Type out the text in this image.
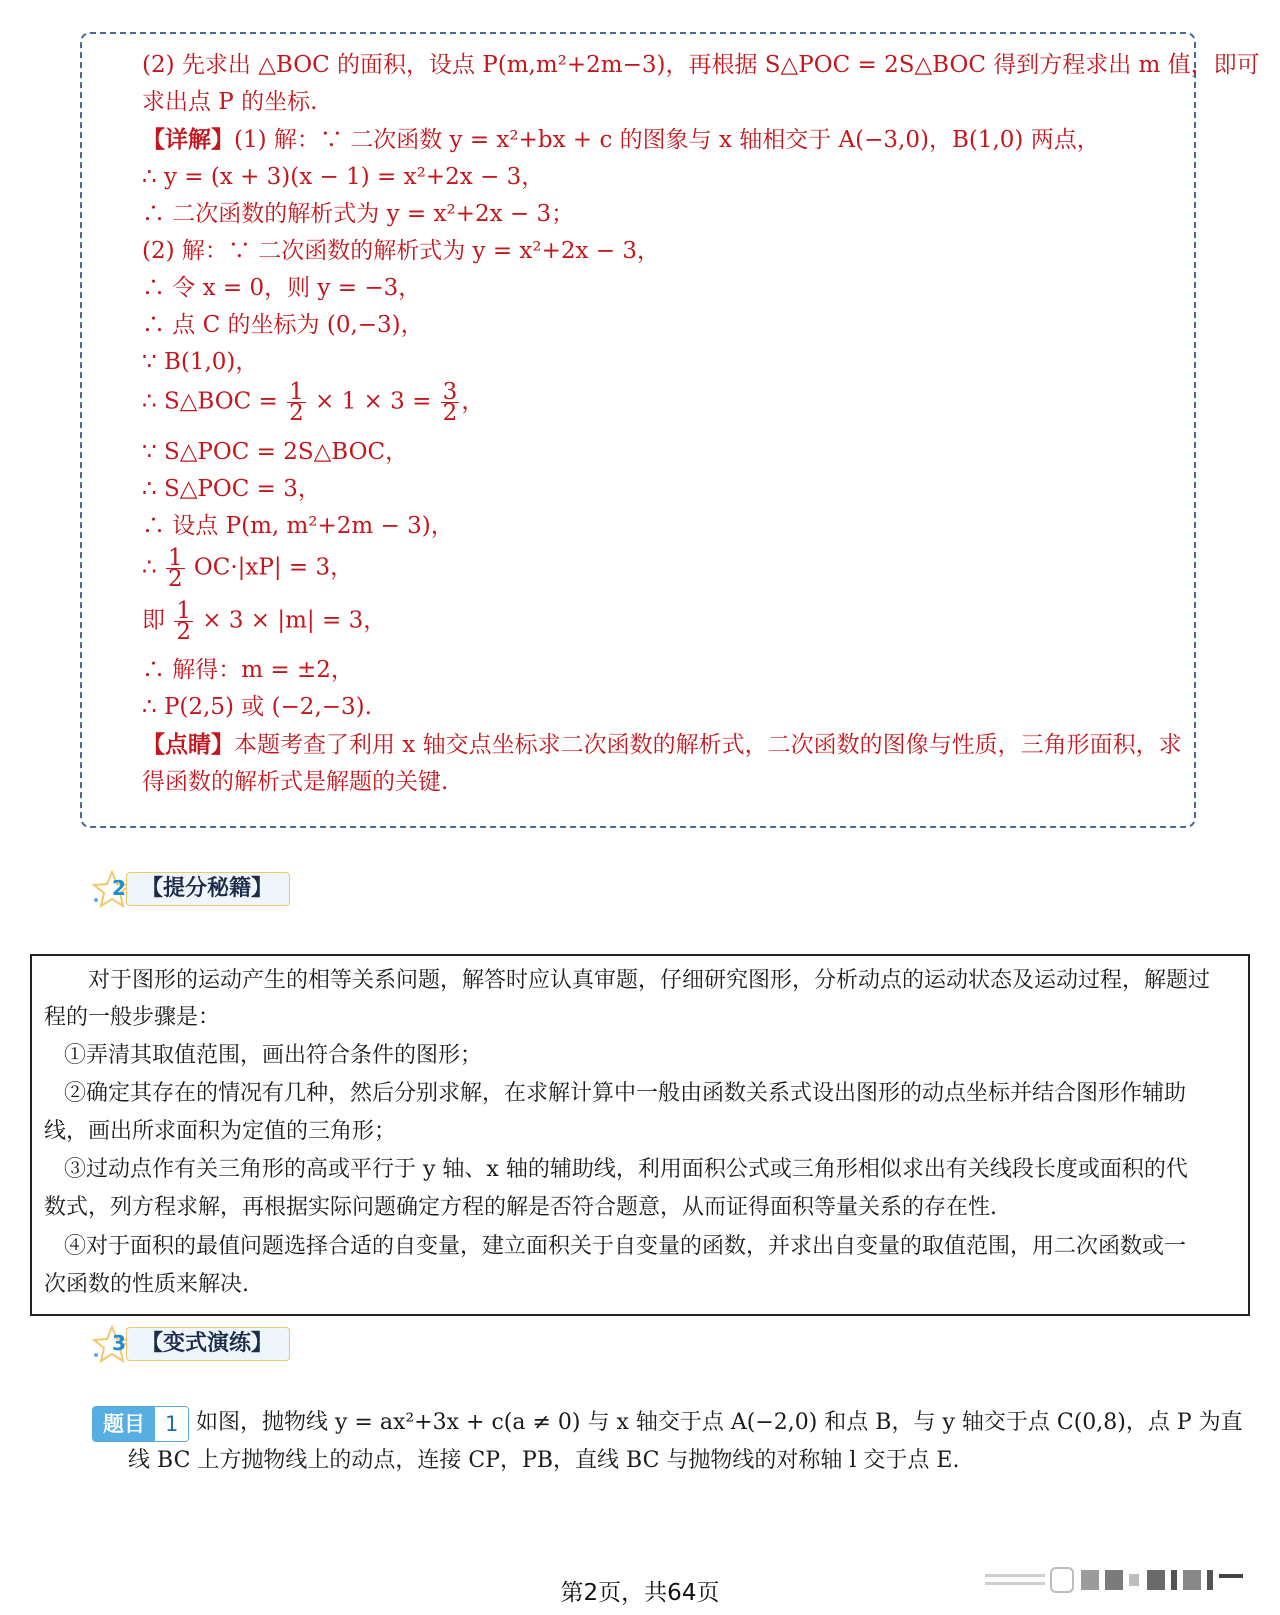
(2) 先求出 △BOC 的面积，设点 P(m,m²+2m−3)，再根据 S△POC = 2S△BOC 得到方程求出 m 值，即可
求出点 P 的坐标.
【详解】(1) 解：∵ 二次函数 y = x²+bx + c 的图象与 x 轴相交于 A(−3,0)，B(1,0) 两点，
∴ y = (x + 3)(x − 1) = x²+2x − 3，
∴ 二次函数的解析式为 y = x²+2x − 3；
(2) 解：∵ 二次函数的解析式为 y = x²+2x − 3，
∴ 令 x = 0，则 y = −3，
∴ 点 C 的坐标为 (0,−3)，
∵ B(1,0)，
∴ S△BOC = $\frac{1}{2} \times 1 \times 3 = \frac{3}{2}$ ，
∵ S△POC = 2S△BOC，
∴ S△POC = 3，
∴ 设点 P(m, m²+2m − 3)，
∴ $\frac{1}{2} OC\cdot|xP| = 3$，
即 $\frac{1}{2} \times 3 \times |m| = 3$，
∴ 解得：m = ±2，
∴ P(2,5) 或 (−2,−3).
【点睛】本题考查了利用 x 轴交点坐标求二次函数的解析式，二次函数的图像与性质，三角形面积，求
得函数的解析式是解题的关键.
2 【提分秘籍】
对于图形的运动产生的相等关系问题，解答时应认真审题，仔细研究图形，分析动点的运动状态及运动过程，解题过
程的一般步骤是：
①弄清其取值范围，画出符合条件的图形；
②确定其存在的情况有几种，然后分别求解，在求解计算中一般由函数关系式设出图形的动点坐标并结合图形作辅助
线，画出所求面积为定值的三角形；
③过动点作有关三角形的高或平行于 y 轴、x 轴的辅助线，利用面积公式或三角形相似求出有关线段长度或面积的代
数式，列方程求解，再根据实际问题确定方程的解是否符合题意，从而证得面积等量关系的存在性.
④对于面积的最值问题选择合适的自变量，建立面积关于自变量的函数，并求出自变量的取值范围，用二次函数或一
次函数的性质来解决.
3 【变式演练】
题目 1 如图，抛物线 y = ax²+3x + c(a ≠ 0) 与 x 轴交于点 A(−2,0) 和点 B，与 y 轴交于点 C(0,8)，点 P 为直
线 BC 上方抛物线上的动点，连接 CP，PB，直线 BC 与抛物线的对称轴 l 交于点 E.
第2页，共64页
